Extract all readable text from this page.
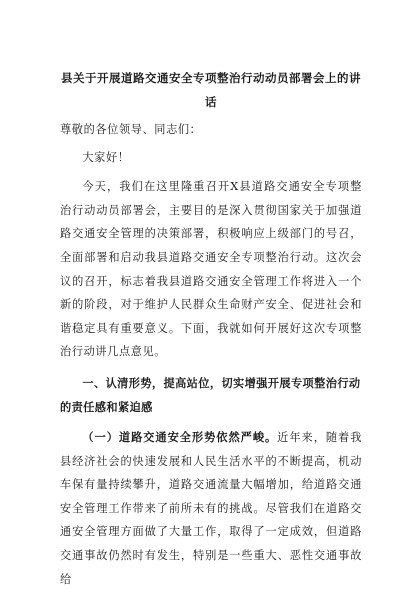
县关于开展道路交通安全专项整治行动动员部署会上的讲
话

尊敬的各位领导、同志们：

大家好！

今天，我们在这里隆重召开X县道路交通安全专项整治行动动员部署会，主要目的是深入贯彻国家关于加强道路交通安全管理的决策部署，积极响应上级部门的号召，全面部署和启动我县道路交通安全专项整治行动。这次会议的召开，标志着我县道路交通安全管理工作将进入一个新的阶段，对于维护人民群众生命财产安全、促进社会和谐稳定具有重要意义。下面，我就如何开展好这次专项整治行动讲几点意见。

一、认清形势，提高站位，切实增强开展专项整治行动的责任感和紧迫感

（一）道路交通安全形势依然严峻。近年来，随着我县经济社会的快速发展和人民生活水平的不断提高，机动车保有量持续攀升，道路交通流量大幅增加，给道路交通安全管理工作带来了前所未有的挑战。尽管我们在道路交通安全管理方面做了大量工作，取得了一定成效，但道路交通事故仍然时有发生，特别是一些重大、恶性交通事故给
